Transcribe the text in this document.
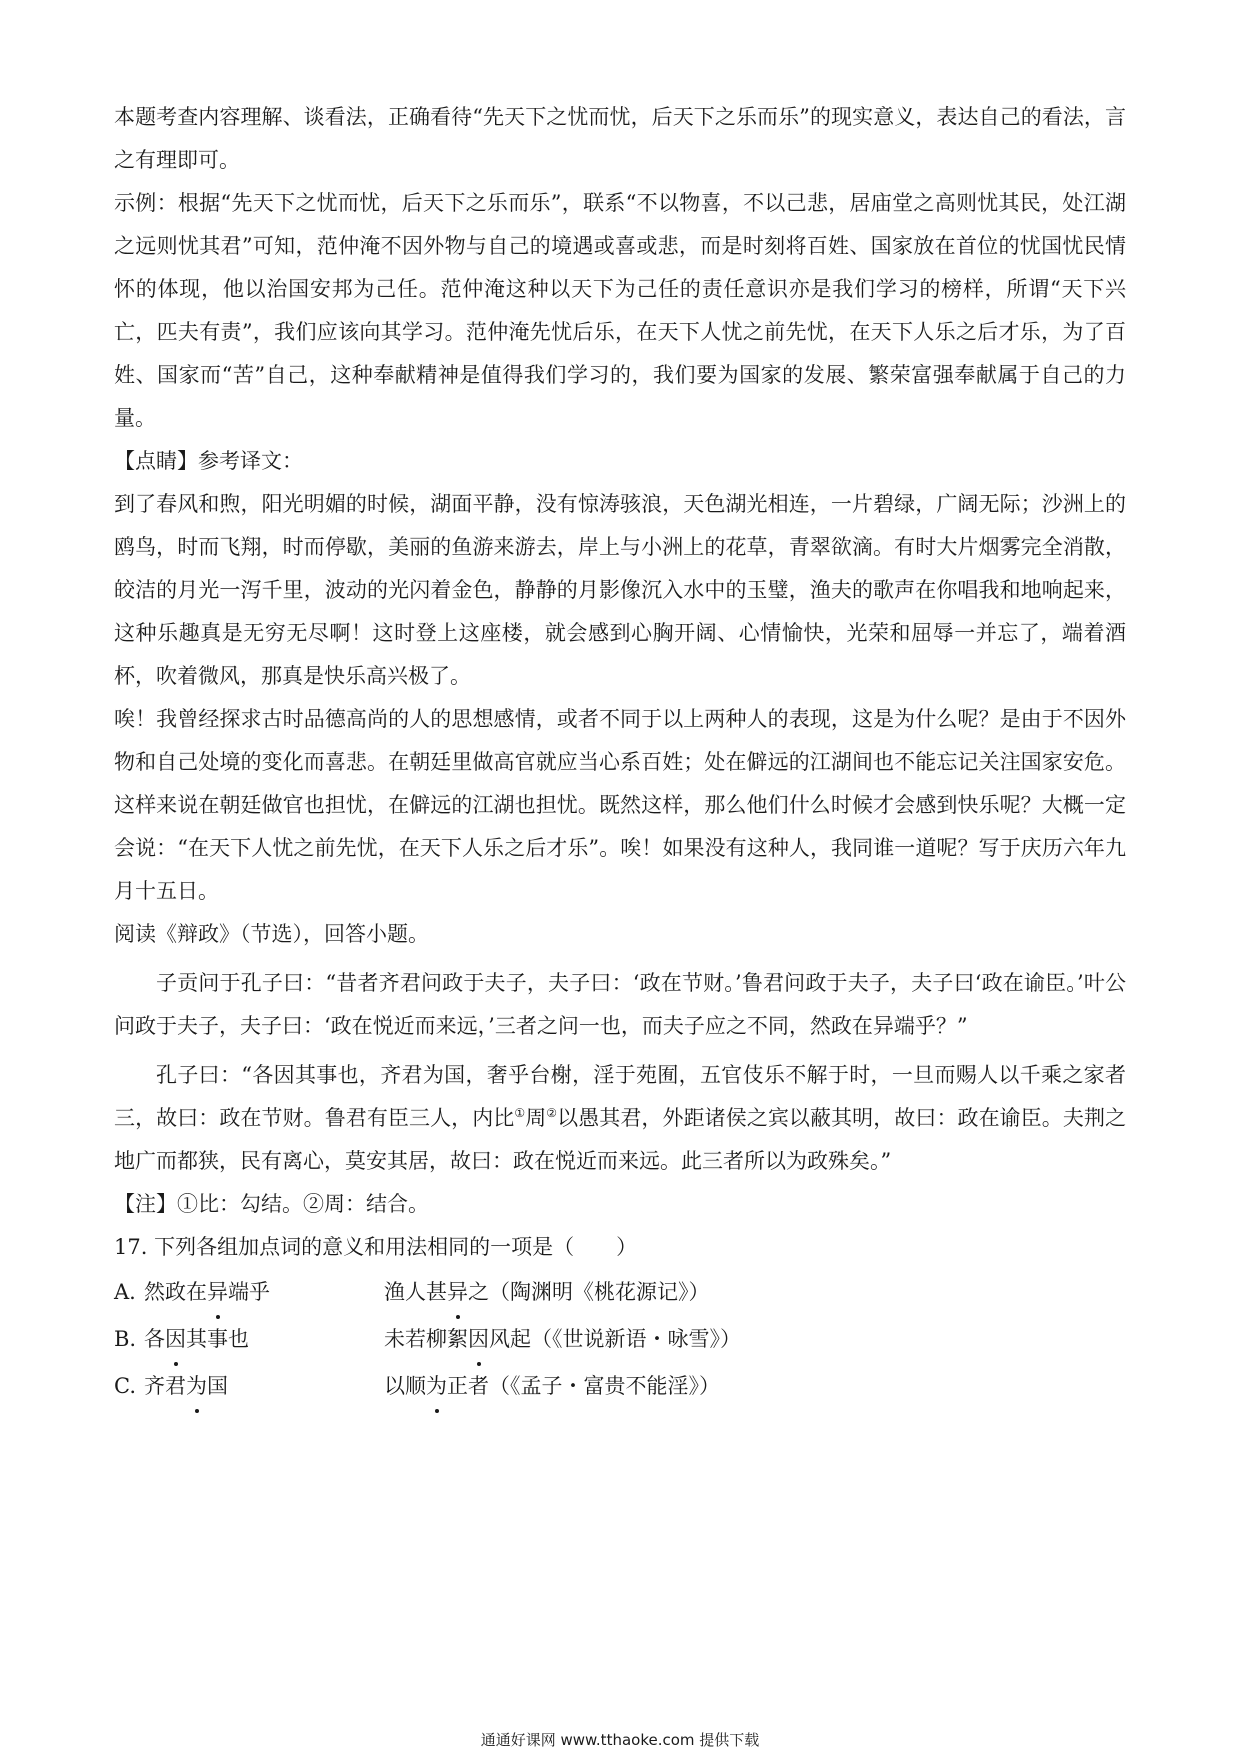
本题考查内容理解、谈看法，正确看待“先天下之忧而忧，后天下之乐而乐”的现实意义，表达自己的看法，言之有理即可。

示例：根据“先天下之忧而忧，后天下之乐而乐”，联系“不以物喜，不以己悲，居庙堂之高则忧其民，处江湖之远则忧其君”可知，范仲淹不因外物与自己的境遇或喜或悲，而是时刻将百姓、国家放在首位的忧国忧民情怀的体现，他以治国安邦为己任。范仲淹这种以天下为己任的责任意识亦是我们学习的榜样，所谓“天下兴亡，匹夫有责”，我们应该向其学习。范仲淹先忧后乐，在天下人忧之前先忧，在天下人乐之后才乐，为了百姓、国家而“苦”自己，这种奉献精神是值得我们学习的，我们要为国家的发展、繁荣富强奉献属于自己的力量。

【点睛】参考译文：

到了春风和煦，阳光明媚的时候，湖面平静，没有惊涛骇浪，天色湖光相连，一片碧绿，广阔无际；沙洲上的鸥鸟，时而飞翔，时而停歇，美丽的鱼游来游去，岸上与小洲上的花草，青翠欲滴。有时大片烟雾完全消散，皎洁的月光一泻千里，波动的光闪着金色，静静的月影像沉入水中的玉璧，渔夫的歌声在你唱我和地响起来，这种乐趣真是无穷无尽啊！这时登上这座楼，就会感到心胸开阔、心情愉快，光荣和屈辱一并忘了，端着酒杯，吹着微风，那真是快乐高兴极了。

唉！我曾经探求古时品德高尚的人的思想感情，或者不同于以上两种人的表现，这是为什么呢？是由于不因外物和自己处境的变化而喜悲。在朝廷里做高官就应当心系百姓；处在僻远的江湖间也不能忘记关注国家安危。这样来说在朝廷做官也担忧，在僻远的江湖也担忧。既然这样，那么他们什么时候才会感到快乐呢？大概一定会说：“在天下人忧之前先忧，在天下人乐之后才乐”。唉！如果没有这种人，我同谁一道呢？写于庆历六年九月十五日。

阅读《辩政》（节选），回答小题。

子贡问于孔子曰：“昔者齐君问政于夫子，夫子曰：‘政在节财。’鲁君问政于夫子，夫子曰‘政在谕臣。’叶公问政于夫子，夫子曰：‘政在悦近而来远，’三者之问一也，而夫子应之不同，然政在异端乎？”

孔子曰：“各因其事也，齐君为国，奢乎台榭，淫于苑囿，五官伎乐不解于时，一旦而赐人以千乘之家者三，故曰：政在节财。鲁君有臣三人，内比①周②以愚其君，外距诸侯之宾以蔽其明，故曰：政在谕臣。夫荆之地广而都狭，民有离心，莫安其居，故曰：政在悦近而来远。此三者所以为政殊矣。”

【注】①比：勾结。②周：结合。

17. 下列各组加点词的意义和用法相同的一项是（　　）

A. 然政在异端乎	渔人甚异之（陶渊明《桃花源记》）
B. 各因其事也	未若柳絮因风起（《世说新语・咏雪》）
C. 齐君为国	以顺为正者（《孟子・富贵不能淫》）
通通好课网 www.tthaoke.com 提供下载
